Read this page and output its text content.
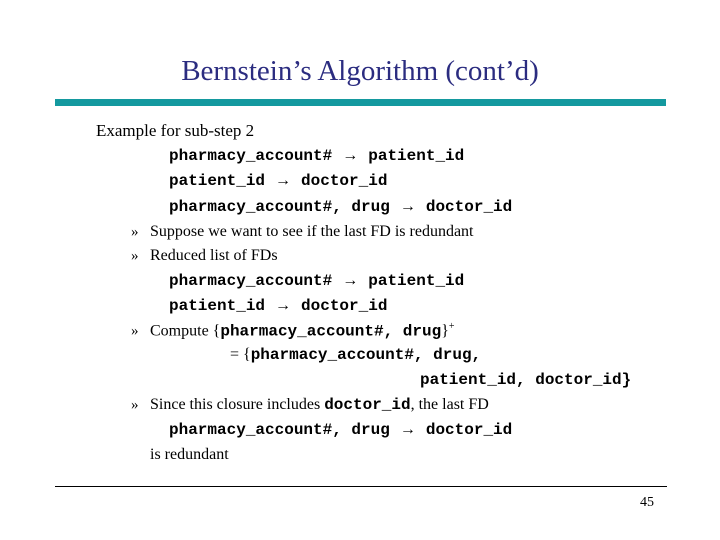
Bernstein’s Algorithm (cont’d)
Example for sub-step 2
pharmacy_account# → patient_id
patient_id → doctor_id
pharmacy_account#, drug → doctor_id
» Suppose we want to see if the last FD is redundant
» Reduced list of FDs
pharmacy_account# → patient_id
patient_id → doctor_id
» Compute {pharmacy_account#, drug}+
= {pharmacy_account#, drug,
patient_id, doctor_id}
» Since this closure includes doctor_id, the last FD
pharmacy_account#, drug → doctor_id
is redundant
45
